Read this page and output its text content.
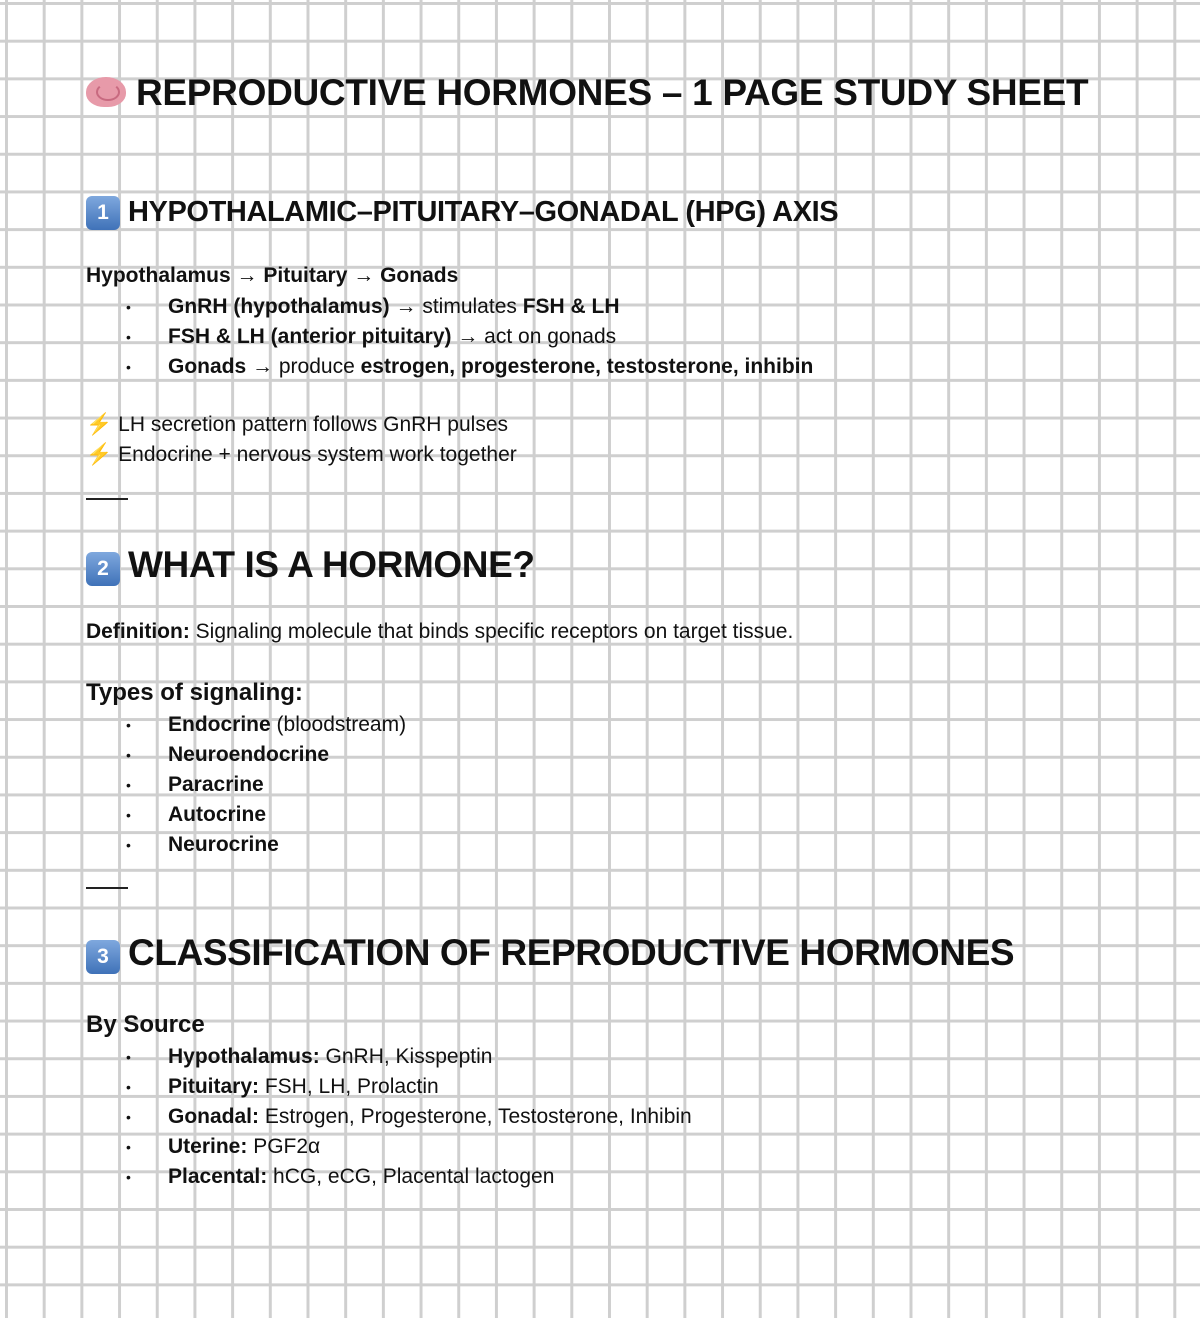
REPRODUCTIVE HORMONES – 1 PAGE STUDY SHEET
1 HYPOTHALAMIC–PITUITARY–GONADAL (HPG) AXIS
Hypothalamus → Pituitary → Gonads
• GnRH (hypothalamus) → stimulates FSH & LH
• FSH & LH (anterior pituitary) → act on gonads
• Gonads → produce estrogen, progesterone, testosterone, inhibin
⚡ LH secretion pattern follows GnRH pulses
⚡ Endocrine + nervous system work together
2 WHAT IS A HORMONE?
Definition: Signaling molecule that binds specific receptors on target tissue.
Types of signaling:
• Endocrine (bloodstream)
• Neuroendocrine
• Paracrine
• Autocrine
• Neurocrine
3 CLASSIFICATION OF REPRODUCTIVE HORMONES
By Source
• Hypothalamus: GnRH, Kisspeptin
• Pituitary: FSH, LH, Prolactin
• Gonadal: Estrogen, Progesterone, Testosterone, Inhibin
• Uterine: PGF2α
• Placental: hCG, eCG, Placental lactogen
